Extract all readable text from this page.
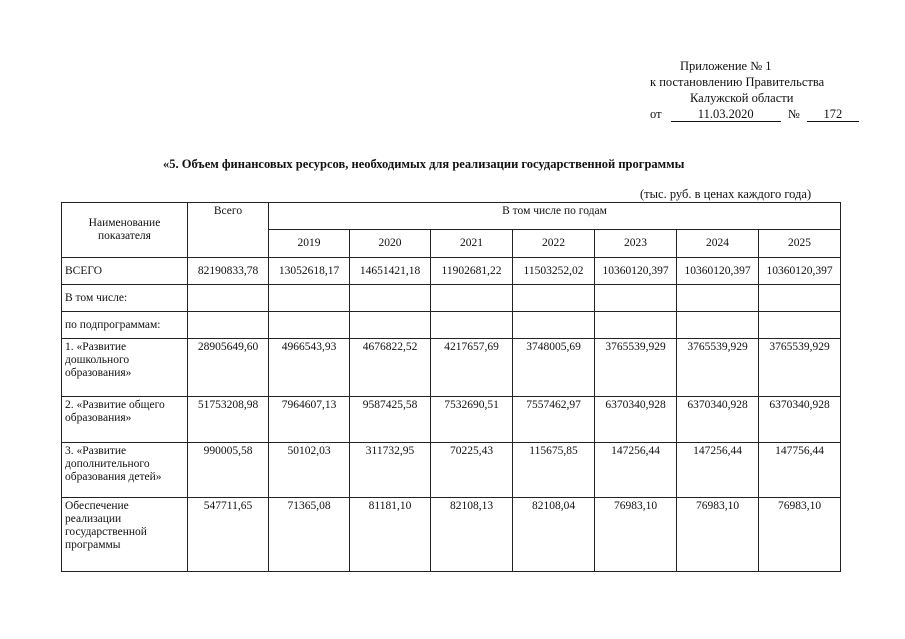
Приложение № 1
к постановлению Правительства
Калужской области
от	11.03.2020	№ 172
«5. Объем финансовых ресурсов, необходимых для реализации государственной программы
(тыс. руб. в ценах каждого года)
Наименование показателя	Всего	В том числе по годам						
		2019	2020	2021	2022	2023	2024	2025
ВСЕГО	82190833,78	13052618,17	14651421,18	11902681,22	11503252,02	10360120,397	10360120,397	10360120,397
В том числе:								
по подпрограммам:								
1. «Развитие дошкольного образования»	28905649,60	4966543,93	4676822,52	4217657,69	3748005,69	3765539,929	3765539,929	3765539,929
2. «Развитие общего образования»	51753208,98	7964607,13	9587425,58	7532690,51	7557462,97	6370340,928	6370340,928	6370340,928
3. «Развитие дополнительного образования детей»	990005,58	50102,03	311732,95	70225,43	115675,85	147256,44	147256,44	147756,44
Обеспечение реализации государственной программы	547711,65	71365,08	81181,10	82108,13	82108,04	76983,10	76983,10	76983,10
